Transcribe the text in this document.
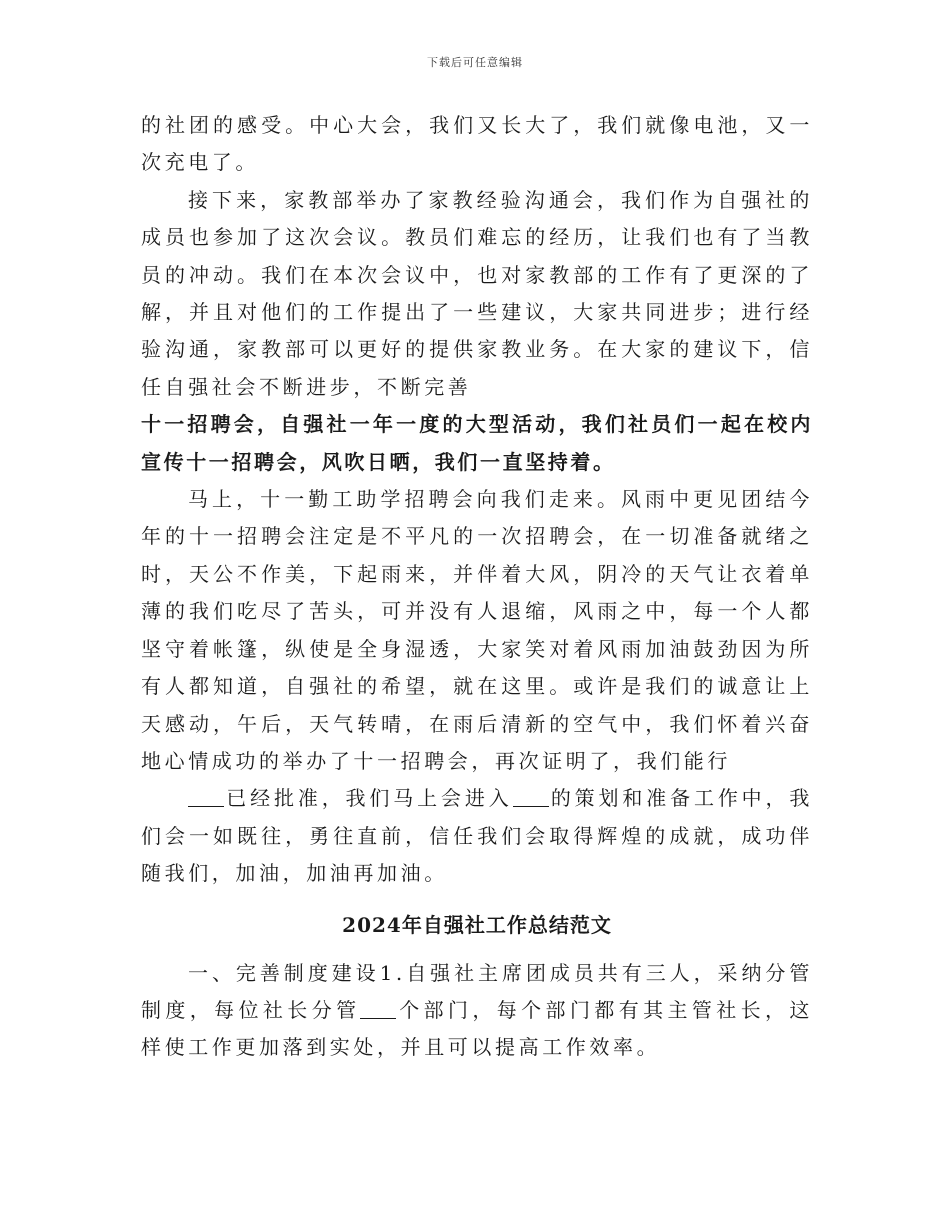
下载后可任意编辑

的社团的感受。中心大会，我们又长大了，我们就像电池，又一次充电了。

接下来，家教部举办了家教经验沟通会，我们作为自强社的成员也参加了这次会议。教员们难忘的经历，让我们也有了当教员的冲动。我们在本次会议中，也对家教部的工作有了更深的了解，并且对他们的工作提出了一些建议，大家共同进步；进行经验沟通，家教部可以更好的提供家教业务。在大家的建议下，信任自强社会不断进步，不断完善

十一招聘会，自强社一年一度的大型活动，我们社员们一起在校内宣传十一招聘会，风吹日晒，我们一直坚持着。

马上，十一勤工助学招聘会向我们走来。风雨中更见团结今年的十一招聘会注定是不平凡的一次招聘会，在一切准备就绪之时，天公不作美，下起雨来，并伴着大风，阴冷的天气让衣着单薄的我们吃尽了苦头，可并没有人退缩，风雨之中，每一个人都坚守着帐篷，纵使是全身湿透，大家笑对着风雨加油鼓劲因为所有人都知道，自强社的希望，就在这里。或许是我们的诚意让上天感动，午后，天气转晴，在雨后清新的空气中，我们怀着兴奋地心情成功的举办了十一招聘会，再次证明了，我们能行

已经批准，我们马上会进入 的策划和准备工作中，我们会一如既往，勇往直前，信任我们会取得辉煌的成就，成功伴随我们，加油，加油再加油。

2024年自强社工作总结范文

一、完善制度建设1.自强社主席团成员共有三人，采纳分管制度，每位社长分管 个部门，每个部门都有其主管社长，这样使工作更加落到实处，并且可以提高工作效率。
